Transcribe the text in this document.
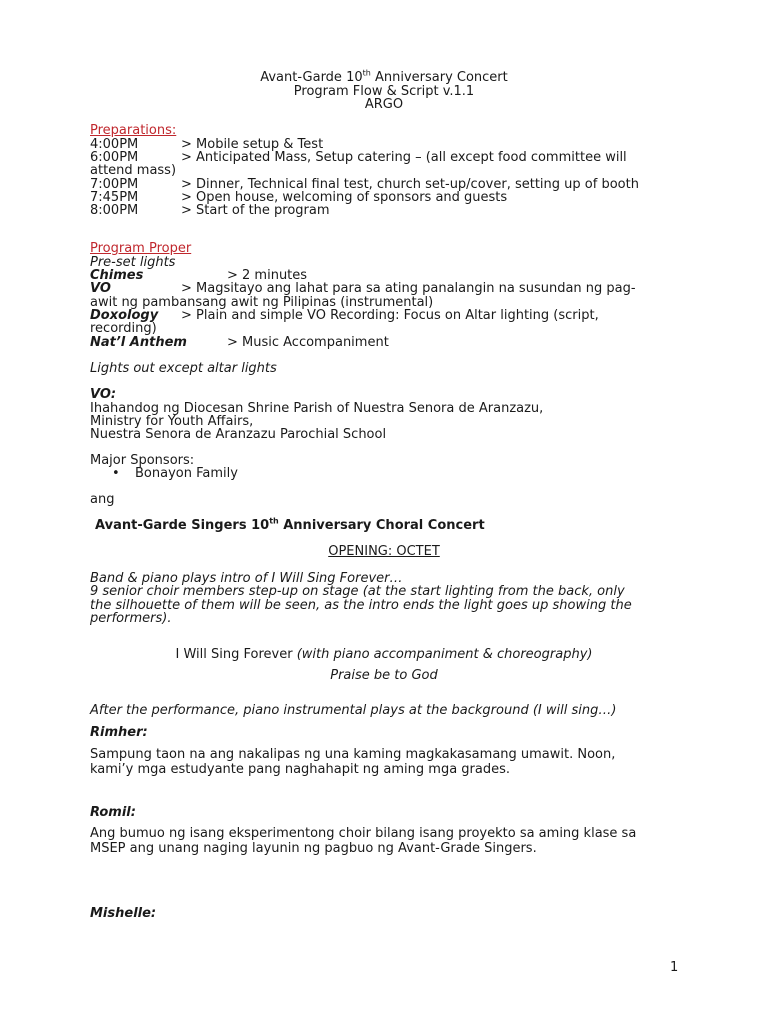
Avant-Garde 10th Anniversary Concert
Program Flow & Script v.1.1
ARGO
Preparations:
4:00PM	> Mobile setup & Test
6:00PM	> Anticipated Mass, Setup catering – (all except food committee will
attend mass)
7:00PM	> Dinner, Technical final test, church set-up/cover, setting up of booth
7:45PM	> Open house, welcoming of sponsors and guests
8:00PM	> Start of the program
Program Proper
Pre-set lights
Chimes	> 2 minutes
VO	> Magsitayo ang lahat para sa ating panalangin na susundan ng pag-
awit ng pambansang awit ng Pilipinas (instrumental)
Doxology > Plain and simple VO Recording: Focus on Altar lighting (script,
recording)
Nat’l Anthem	> Music Accompaniment
Lights out except altar lights
VO:
Ihahandog ng Diocesan Shrine Parish of Nuestra Senora de Aranzazu,
Ministry for Youth Affairs,
Nuestra Senora de Aranzazu Parochial School
Major Sponsors:
• Bonayon Family
ang
Avant-Garde Singers 10th Anniversary Choral Concert
OPENING: OCTET
Band & piano plays intro of I Will Sing Forever…
9 senior choir members step-up on stage (at the start lighting from the back, only
the silhouette of them will be seen, as the intro ends the light goes up showing the
performers).
I Will Sing Forever (with piano accompaniment & choreography)
Praise be to God
After the performance, piano instrumental plays at the background (I will sing…)
Rimher:
Sampung taon na ang nakalipas ng una kaming magkakasamang umawit. Noon,
kami’y mga estudyante pang naghahapit ng aming mga grades.
Romil:
Ang bumuo ng isang eksperimentong choir bilang isang proyekto sa aming klase sa
MSEP ang unang naging layunin ng pagbuo ng Avant-Grade Singers.
Mishelle:
1
